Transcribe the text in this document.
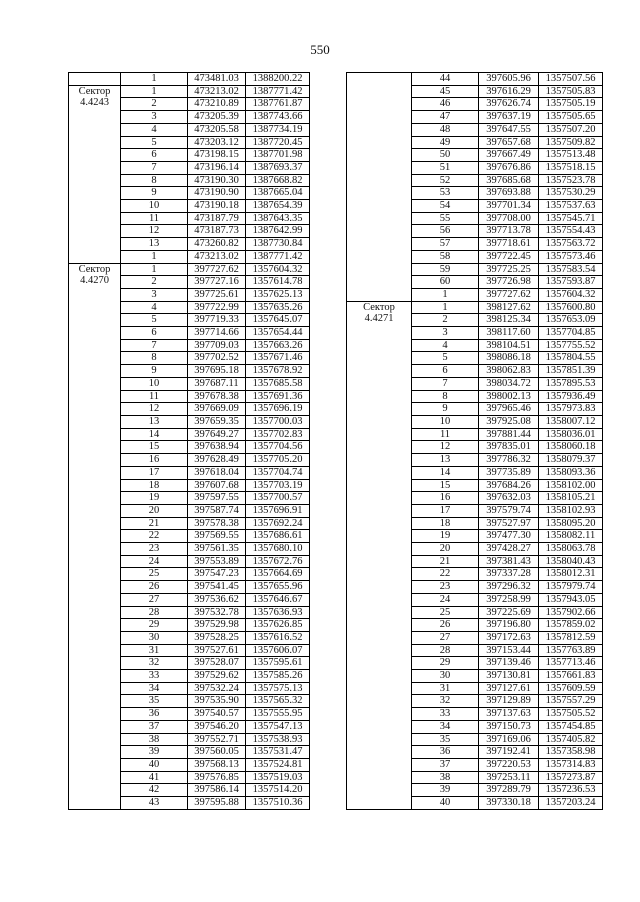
550
	1	473481.03	1388200.22

Сектор
4.4243	1	473213.02	1387771.42
	2	473210.89	1387761.87
	3	473205.39	1387743.66
	4	473205.58	1387734.19
	5	473203.12	1387720.45
	6	473198.15	1387701.98
	7	473196.14	1387693.37
	8	473190.30	1387668.82
	9	473190.90	1387665.04
	10	473190.18	1387654.39
	11	473187.79	1387643.35
	12	473187.73	1387642.99
	13	473260.82	1387730.84
	1	473213.02	1387771.42

Сектор
4.4270	1	397727.62	1357604.32
	2	397727.16	1357614.78
	3	397725.61	1357625.13
	4	397722.99	1357635.26
	5	397719.33	1357645.07
	6	397714.66	1357654.44
	7	397709.03	1357663.26
	8	397702.52	1357671.46
	9	397695.18	1357678.92
	10	397687.11	1357685.58
	11	397678.38	1357691.36
	12	397669.09	1357696.19
	13	397659.35	1357700.03
	14	397649.27	1357702.83
	15	397638.94	1357704.56
	16	397628.49	1357705.20
	17	397618.04	1357704.74
	18	397607.68	1357703.19
	19	397597.55	1357700.57
	20	397587.74	1357696.91
	21	397578.38	1357692.24
	22	397569.55	1357686.61
	23	397561.35	1357680.10
	24	397553.89	1357672.76
	25	397547.23	1357664.69
	26	397541.45	1357655.96
	27	397536.62	1357646.67
	28	397532.78	1357636.93
	29	397529.98	1357626.85
	30	397528.25	1357616.52
	31	397527.61	1357606.07
	32	397528.07	1357595.61
	33	397529.62	1357585.26
	34	397532.24	1357575.13
	35	397535.90	1357565.32
	36	397540.57	1357555.95
	37	397546.20	1357547.13
	38	397552.71	1357538.93
	39	397560.05	1357531.47
	40	397568.13	1357524.81
	41	397576.85	1357519.03
	42	397586.14	1357514.20
	43	397595.88	1357510.36
	44	397605.96	1357507.56
	45	397616.29	1357505.83
	46	397626.74	1357505.19
	47	397637.19	1357505.65
	48	397647.55	1357507.20
	49	397657.68	1357509.82
	50	397667.49	1357513.48
	51	397676.86	1357518.15
	52	397685.68	1357523.78
	53	397693.88	1357530.29
	54	397701.34	1357537.63
	55	397708.00	1357545.71
	56	397713.78	1357554.43
	57	397718.61	1357563.72
	58	397722.45	1357573.46
	59	397725.25	1357583.54
	60	397726.98	1357593.87
	1	397727.62	1357604.32

Сектор
4.4271	1	398127.62	1357600.80
	2	398125.34	1357653.09
	3	398117.60	1357704.85
	4	398104.51	1357755.52
	5	398086.18	1357804.55
	6	398062.83	1357851.39
	7	398034.72	1357895.53
	8	398002.13	1357936.49
	9	397965.46	1357973.83
	10	397925.08	1358007.12
	11	397881.44	1358036.01
	12	397835.01	1358060.18
	13	397786.32	1358079.37
	14	397735.89	1358093.36
	15	397684.26	1358102.00
	16	397632.03	1358105.21
	17	397579.74	1358102.93
	18	397527.97	1358095.20
	19	397477.30	1358082.11
	20	397428.27	1358063.78
	21	397381.43	1358040.43
	22	397337.28	1358012.31
	23	397296.32	1357979.74
	24	397258.99	1357943.05
	25	397225.69	1357902.66
	26	397196.80	1357859.02
	27	397172.63	1357812.59
	28	397153.44	1357763.89
	29	397139.46	1357713.46
	30	397130.81	1357661.83
	31	397127.61	1357609.59
	32	397129.89	1357557.29
	33	397137.63	1357505.52
	34	397150.73	1357454.85
	35	397169.06	1357405.82
	36	397192.41	1357358.98
	37	397220.53	1357314.83
	38	397253.11	1357273.87
	39	397289.79	1357236.53
	40	397330.18	1357203.24
